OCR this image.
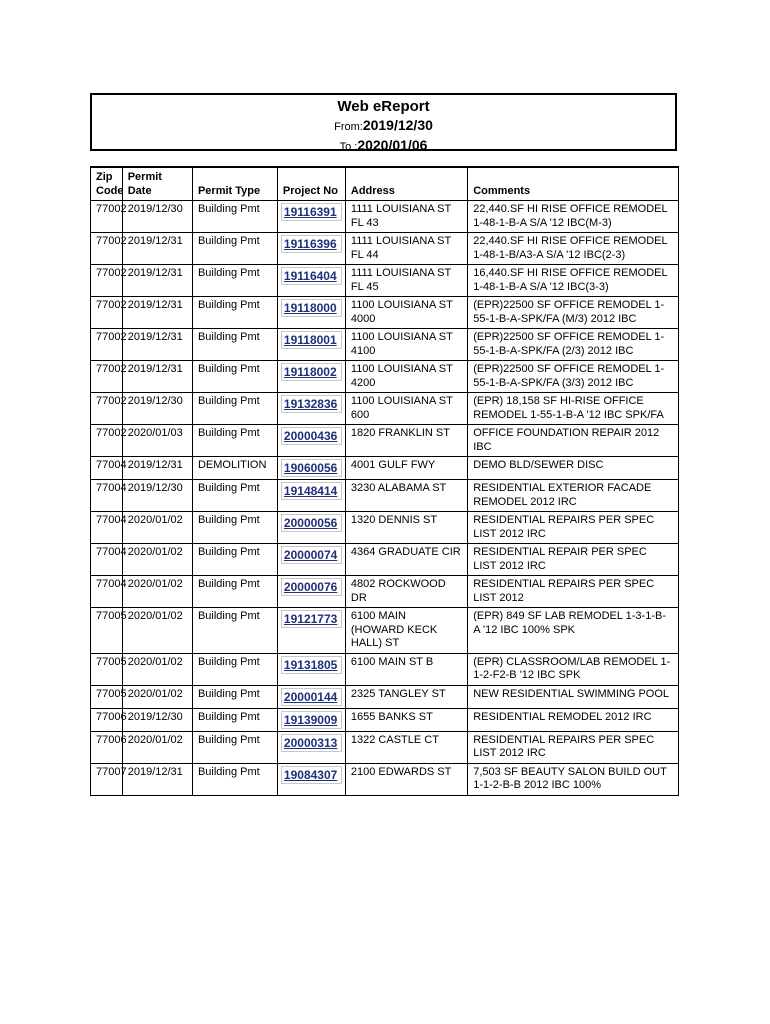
Web eReport
From:2019/12/30
To :2020/01/06
Zip Code	Permit Date	Permit Type	Project No	Address	Comments
77002	2019/12/30	Building Pmt	19116391	1111 LOUISIANA ST FL 43	22,440.SF HI RISE OFFICE REMODEL 1-48-1-B-A S/A '12 IBC(M-3)
77002	2019/12/31	Building Pmt	19116396	1111 LOUISIANA ST FL 44	22,440.SF HI RISE OFFICE REMODEL 1-48-1-B/A3-A S/A '12 IBC(2-3)
77002	2019/12/31	Building Pmt	19116404	1111 LOUISIANA ST FL 45	16,440.SF HI RISE OFFICE REMODEL 1-48-1-B-A S/A '12 IBC(3-3)
77002	2019/12/31	Building Pmt	19118000	1100 LOUISIANA ST 4000	(EPR)22500 SF OFFICE REMODEL 1-55-1-B-A-SPK/FA (M/3) 2012 IBC
77002	2019/12/31	Building Pmt	19118001	1100 LOUISIANA ST 4100	(EPR)22500 SF OFFICE REMODEL 1-55-1-B-A-SPK/FA (2/3) 2012 IBC
77002	2019/12/31	Building Pmt	19118002	1100 LOUISIANA ST 4200	(EPR)22500 SF OFFICE REMODEL 1-55-1-B-A-SPK/FA (3/3) 2012 IBC
77002	2019/12/30	Building Pmt	19132836	1100 LOUISIANA ST 600	(EPR) 18,158 SF HI-RISE OFFICE REMODEL 1-55-1-B-A '12 IBC SPK/FA
77002	2020/01/03	Building Pmt	20000436	1820 FRANKLIN ST	OFFICE FOUNDATION REPAIR 2012 IBC
77004	2019/12/31	DEMOLITION	19060056	4001 GULF FWY	DEMO BLD/SEWER DISC
77004	2019/12/30	Building Pmt	19148414	3230 ALABAMA ST	RESIDENTIAL EXTERIOR FACADE REMODEL 2012 IRC
77004	2020/01/02	Building Pmt	20000056	1320 DENNIS ST	RESIDENTIAL REPAIRS PER SPEC LIST 2012 IRC
77004	2020/01/02	Building Pmt	20000074	4364 GRADUATE CIR	RESIDENTIAL REPAIR PER SPEC LIST 2012 IRC
77004	2020/01/02	Building Pmt	20000076	4802 ROCKWOOD DR	RESIDENTIAL REPAIRS PER SPEC LIST 2012
77005	2020/01/02	Building Pmt	19121773	6100 MAIN (HOWARD KECK HALL) ST	(EPR) 849 SF LAB REMODEL 1-3-1-B-A '12 IBC 100% SPK
77005	2020/01/02	Building Pmt	19131805	6100 MAIN ST B	(EPR) CLASSROOM/LAB REMODEL 1-1-2-F2-B '12 IBC SPK
77005	2020/01/02	Building Pmt	20000144	2325 TANGLEY ST	NEW RESIDENTIAL SWIMMING POOL
77006	2019/12/30	Building Pmt	19139009	1655 BANKS ST	RESIDENTIAL REMODEL 2012 IRC
77006	2020/01/02	Building Pmt	20000313	1322 CASTLE CT	RESIDENTIAL REPAIRS PER SPEC LIST 2012 IRC
77007	2019/12/31	Building Pmt	19084307	2100 EDWARDS ST	7,503 SF BEAUTY SALON BUILD OUT 1-1-2-B-B 2012 IBC 100%
